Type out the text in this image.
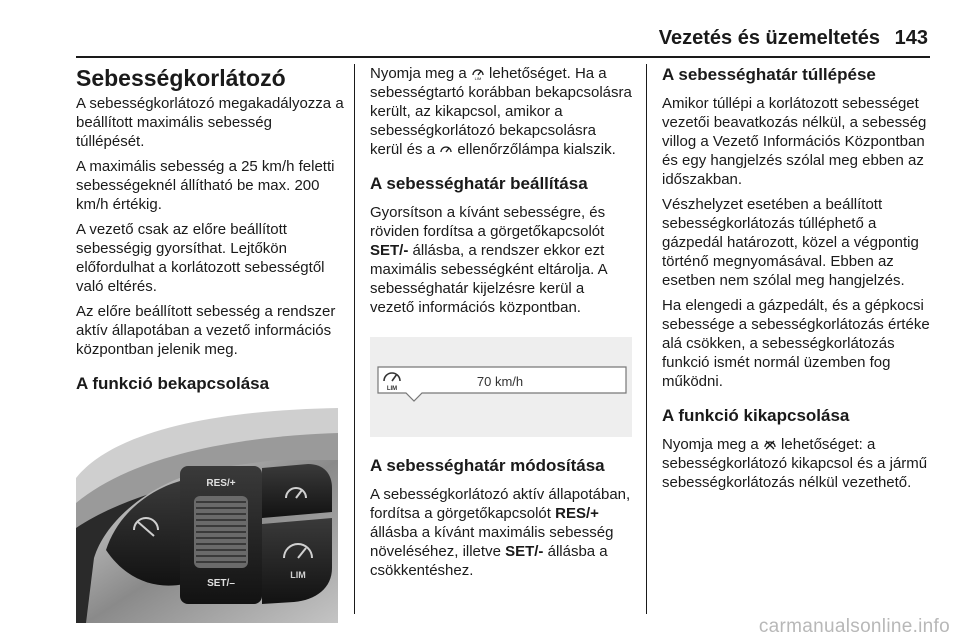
Vezetés és üzemeltetés 143
Sebességkorlátozó

A sebességkorlátozó megakadályozza a beállított maximális sebesség túllépését.

A maximális sebesség a 25 km/h feletti sebességeknél állítható be max. 200 km/h értékig.

A vezető csak az előre beállított sebességig gyorsíthat. Lejtőkön előfordulhat a korlátozott sebességtől való eltérés.

Az előre beállított sebesség a rendszer aktív állapotában a vezető információs központban jelenik meg.

A funkció bekapcsolása
RES/+
SET/–
LIM

Nyomja meg a LIM lehetőséget. Ha a sebességtartó korábban bekapcsolásra került, az kikapcsol, amikor a sebességkorlátozó bekapcsolásra kerül és a ellenőrzőlámpa kialszik.

A sebességhatár beállítása

Gyorsítson a kívánt sebességre, és röviden fordítsa a görgetőkapcsolót SET/- állásba, a rendszer ekkor ezt maximális sebességként eltárolja. A sebességhatár kijelzésre kerül a vezető információs központban.

LIM	70 km/h
A sebességhatár módosítása

A sebességkorlátozó aktív állapotában, fordítsa a görgetőkapcsolót RES/+ állásba a kívánt maximális sebesség növeléséhez, illetve SET/- állásba a csökkentéshez.

A sebességhatár túllépése

Amikor túllépi a korlátozott sebességet vezetői beavatkozás nélkül, a sebesség villog a Vezető Információs Központban és egy hangjelzés szólal meg ebben az időszakban.

Vészhelyzet esetében a beállított sebességkorlátozás túlléphető a gázpedál határozott, közel a végpontig történő megnyomásával. Ebben az esetben nem szólal meg hangjelzés.

Ha elengedi a gázpedált, és a gépkocsi sebessége a sebességkorlátozás értéke alá csökken, a sebességkorlátozás funkció ismét normál üzemben fog működni.

A funkció kikapcsolása

Nyomja meg a lehetőséget: a sebességkorlátozó kikapcsol és a jármű sebességkorlátozás nélkül vezethető.

carmanualsonline.info
